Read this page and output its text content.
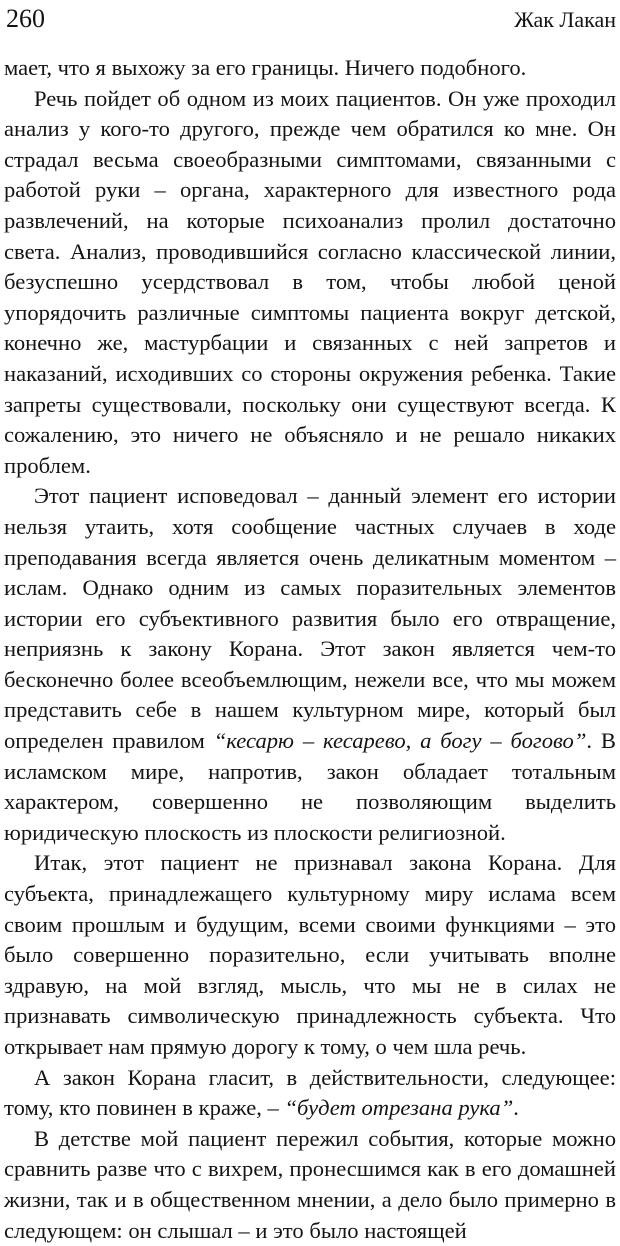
260	Жак Лакан

мает, что я выхожу за его границы. Ничего подобного.

Речь пойдет об одном из моих пациентов. Он уже проходил анализ у кого-то другого, прежде чем обратился ко мне. Он страдал весьма своеобразными симптомами, связанными с работой руки – органа, характерного для известного рода развлечений, на которые психоанализ пролил достаточно света. Анализ, проводившийся согласно классической линии, безуспешно усердствовал в том, чтобы любой ценой упорядочить различные симптомы пациента вокруг детской, конечно же, мастурбации и связанных с ней запретов и наказаний, исходивших со стороны окружения ребенка. Такие запреты существовали, поскольку они существуют всегда. К сожалению, это ничего не объясняло и не решало никаких проблем.

Этот пациент исповедовал – данный элемент его истории нельзя утаить, хотя сообщение частных случаев в ходе преподавания всегда является очень деликатным моментом – ислам. Однако одним из самых поразительных элементов истории его субъективного развития было его отвращение, неприязнь к закону Корана. Этот закон является чем-то бесконечно более всеобъемлющим, нежели все, что мы можем представить себе в нашем культурном мире, который был определен правилом “кесарю – кесарево, а богу – богово”. В исламском мире, напротив, закон обладает тотальным характером, совершенно не позволяющим выделить юридическую плоскость из плоскости религиозной.

Итак, этот пациент не признавал закона Корана. Для субъекта, принадлежащего культурному миру ислама всем своим прошлым и будущим, всеми своими функциями – это было совершенно поразительно, если учитывать вполне здравую, на мой взгляд, мысль, что мы не в силах не признавать символическую принадлежность субъекта. Что открывает нам прямую дорогу к тому, о чем шла речь.

А закон Корана гласит, в действительности, следующее: тому, кто повинен в краже, – “будет отрезана рука”.

В детстве мой пациент пережил события, которые можно сравнить разве что с вихрем, пронесшимся как в его домашней жизни, так и в общественном мнении, а дело было примерно в следующем: он слышал – и это было настоящей
